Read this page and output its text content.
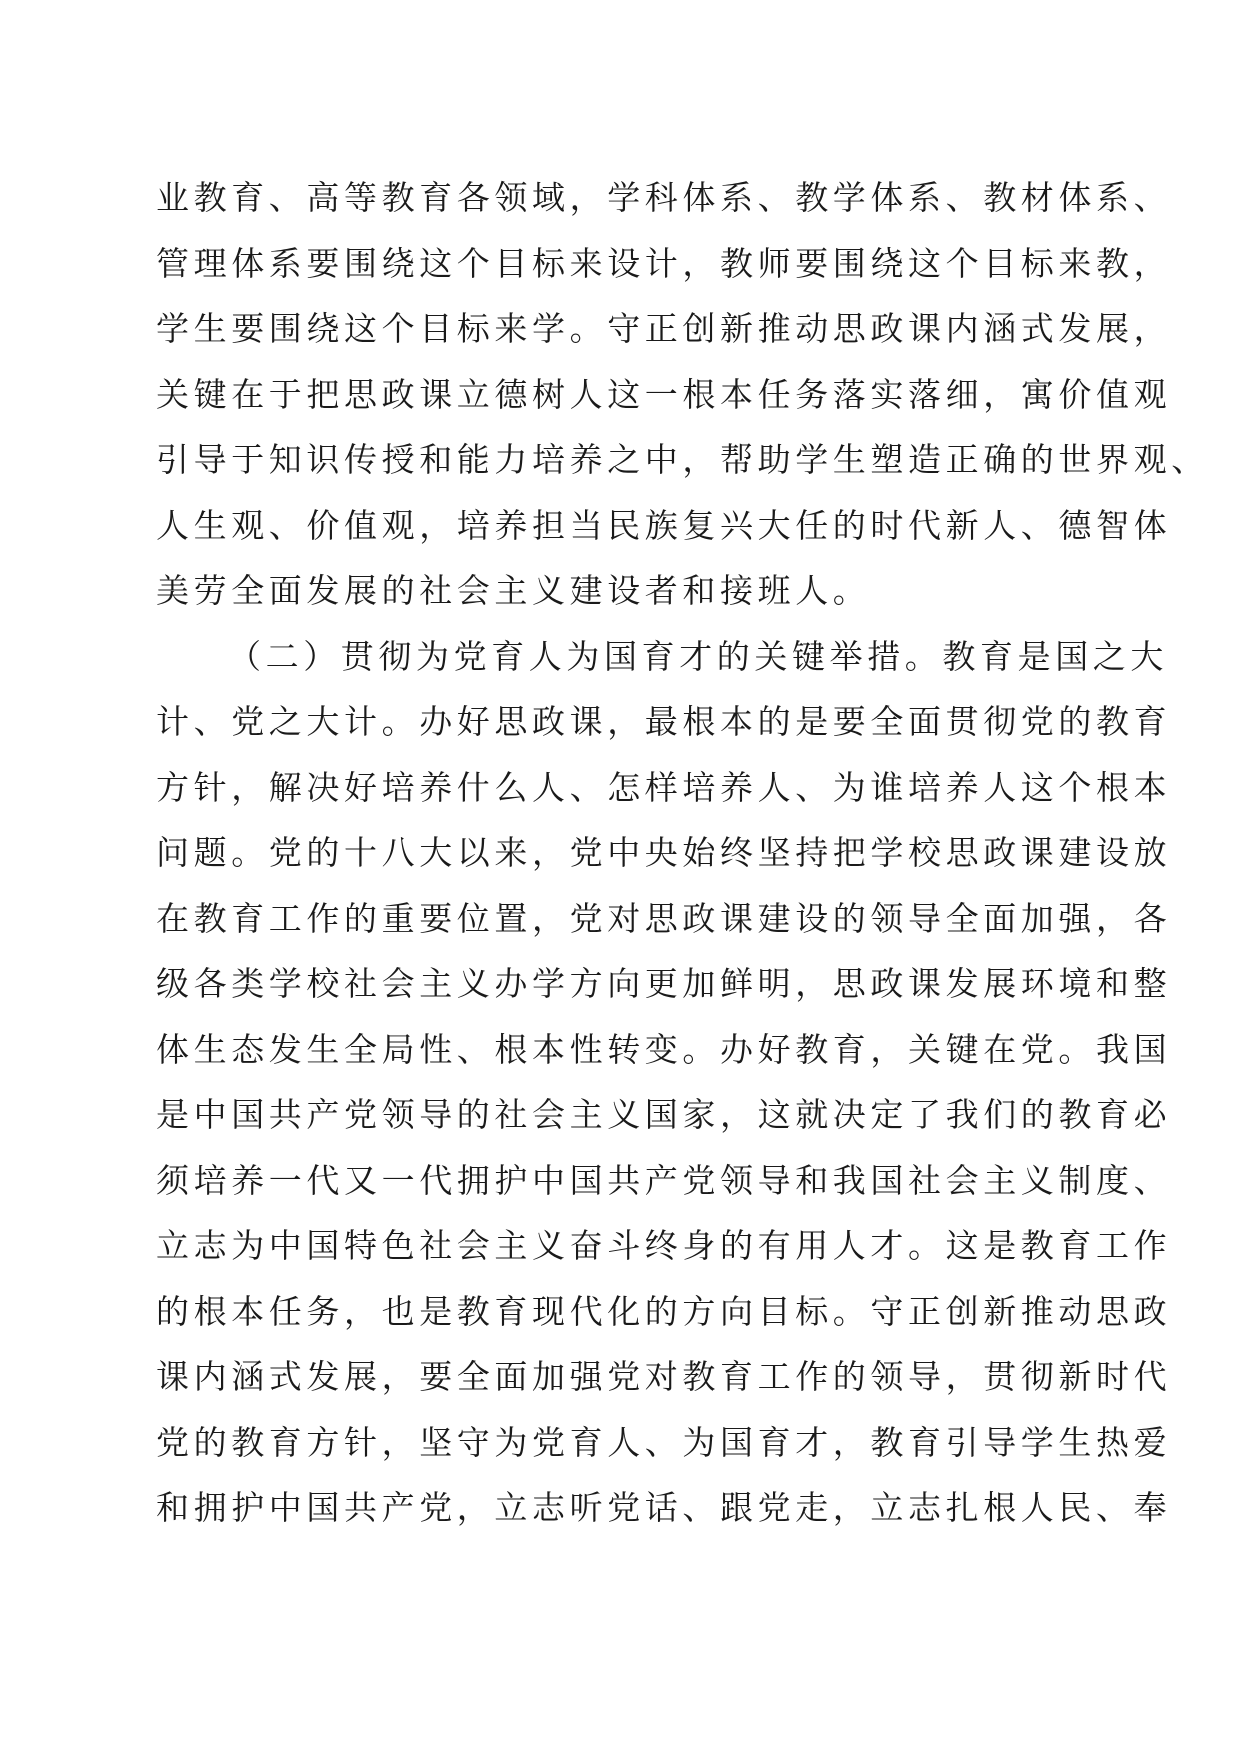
业教育、高等教育各领域，学科体系、教学体系、教材体系、
管理体系要围绕这个目标来设计，教师要围绕这个目标来教，
学生要围绕这个目标来学。守正创新推动思政课内涵式发展，
关键在于把思政课立德树人这一根本任务落实落细，寓价值观
引导于知识传授和能力培养之中，帮助学生塑造正确的世界观、
人生观、价值观，培养担当民族复兴大任的时代新人、德智体
美劳全面发展的社会主义建设者和接班人。
（二）贯彻为党育人为国育才的关键举措。教育是国之大
计、党之大计。办好思政课，最根本的是要全面贯彻党的教育
方针，解决好培养什么人、怎样培养人、为谁培养人这个根本
问题。党的十八大以来，党中央始终坚持把学校思政课建设放
在教育工作的重要位置，党对思政课建设的领导全面加强，各
级各类学校社会主义办学方向更加鲜明，思政课发展环境和整
体生态发生全局性、根本性转变。办好教育，关键在党。我国
是中国共产党领导的社会主义国家，这就决定了我们的教育必
须培养一代又一代拥护中国共产党领导和我国社会主义制度、
立志为中国特色社会主义奋斗终身的有用人才。这是教育工作
的根本任务，也是教育现代化的方向目标。守正创新推动思政
课内涵式发展，要全面加强党对教育工作的领导，贯彻新时代
党的教育方针，坚守为党育人、为国育才，教育引导学生热爱
和拥护中国共产党，立志听党话、跟党走，立志扎根人民、奉
